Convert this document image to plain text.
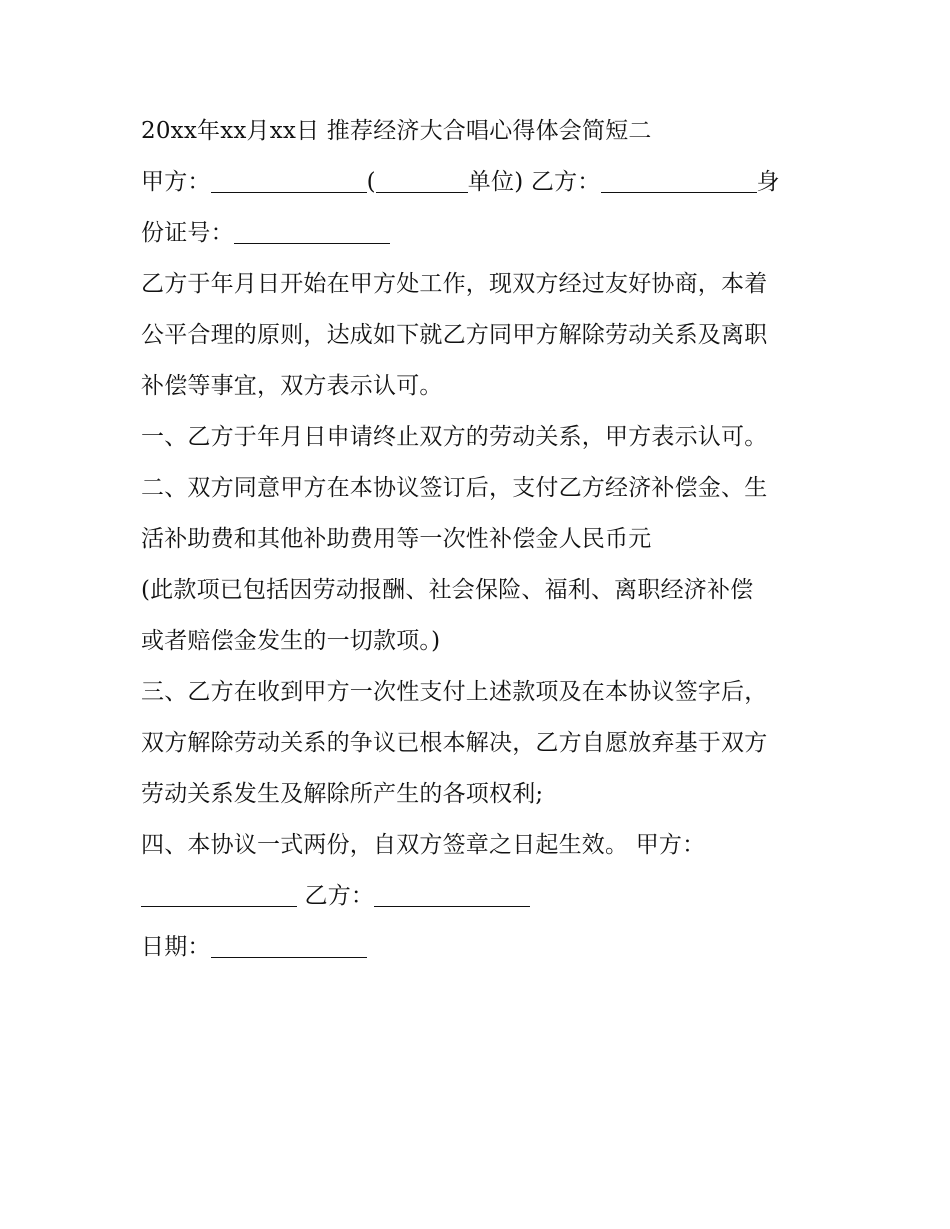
20xx年xx月xx日 推荐经济大合唱心得体会简短二
甲方：	(	单位) 乙方：	身
份证号：
乙方于年月日开始在甲方处工作，现双方经过友好协商，本着
公平合理的原则，达成如下就乙方同甲方解除劳动关系及离职
补偿等事宜，双方表示认可。
一、乙方于年月日申请终止双方的劳动关系，甲方表示认可。
二、双方同意甲方在本协议签订后，支付乙方经济补偿金、生
活补助费和其他补助费用等一次性补偿金人民币元
(此款项已包括因劳动报酬、社会保险、福利、离职经济补偿
或者赔偿金发生的一切款项。)
三、乙方在收到甲方一次性支付上述款项及在本协议签字后，
双方解除劳动关系的争议已根本解决，乙方自愿放弃基于双方
劳动关系发生及解除所产生的各项权利;
四、本协议一式两份，自双方签章之日起生效。 甲方：
乙方：
日期：
